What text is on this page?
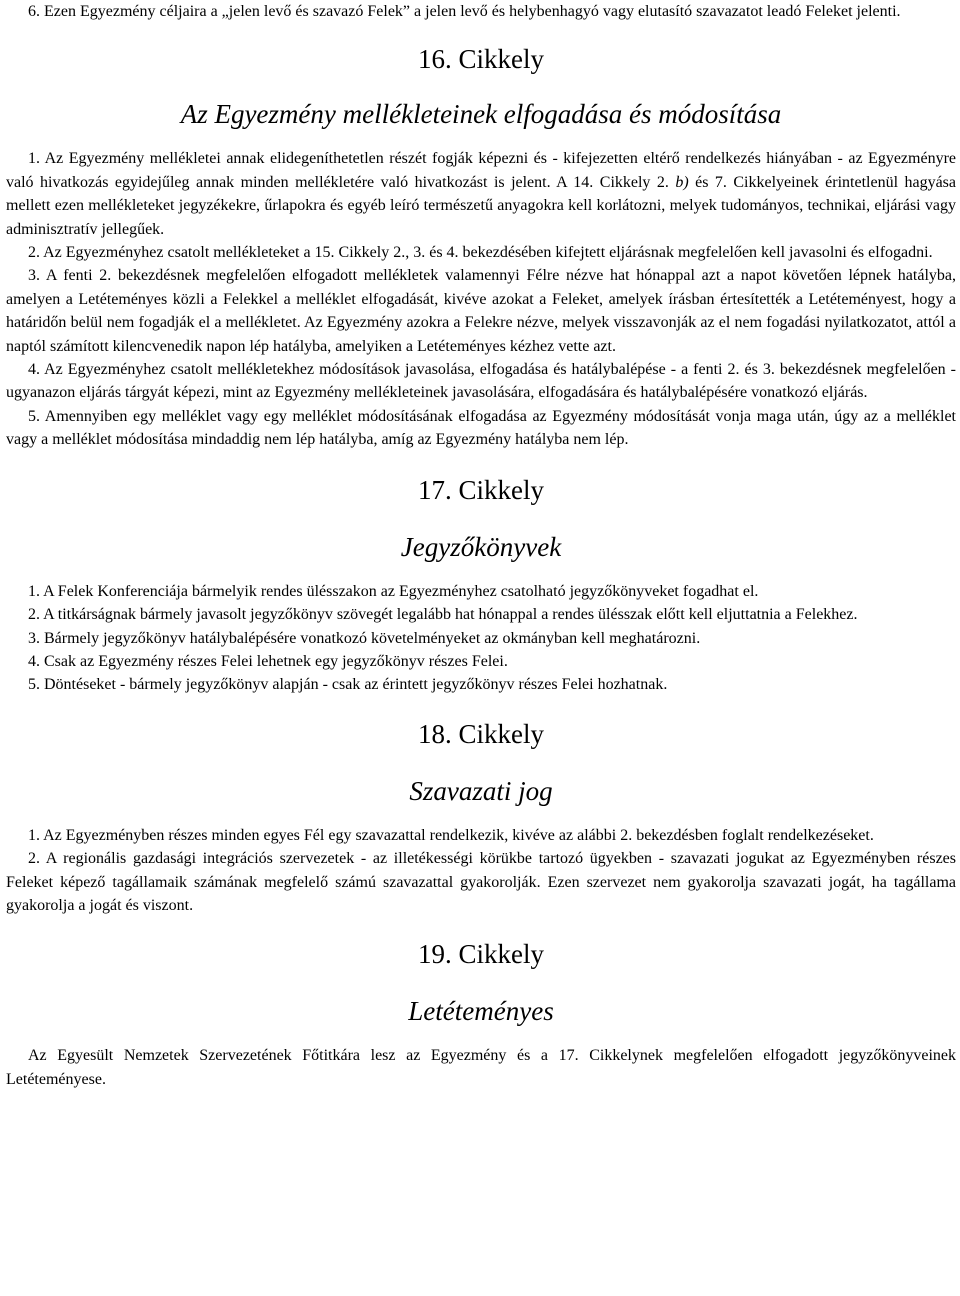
6. Ezen Egyezmény céljaira a „jelen levő és szavazó Felek” a jelen levő és helybenhagyó vagy elutasító szavazatot leadó Feleket jelenti.

16. Cikkely
Az Egyezmény mellékleteinek elfogadása és módosítása

1. Az Egyezmény mellékletei annak elidegeníthetetlen részét fogják képezni és - kifejezetten eltérő rendelkezés hiányában - az Egyezményre való hivatkozás egyidejűleg annak minden mellékletére való hivatkozást is jelent. A 14. Cikkely 2. b) és 7. Cikkelyeinek érintetlenül hagyása mellett ezen mellékleteket jegyzékekre, űrlapokra és egyéb leíró természetű anyagokra kell korlátozni, melyek tudományos, technikai, eljárási vagy adminisztratív jellegűek.

2. Az Egyezményhez csatolt mellékleteket a 15. Cikkely 2., 3. és 4. bekezdésében kifejtett eljárásnak megfelelően kell javasolni és elfogadni.

3. A fenti 2. bekezdésnek megfelelően elfogadott mellékletek valamennyi Félre nézve hat hónappal azt a napot követően lépnek hatályba, amelyen a Letéteményes közli a Felekkel a melléklet elfogadását, kivéve azokat a Feleket, amelyek írásban értesítették a Letéteményest, hogy a határidőn belül nem fogadják el a mellékletet. Az Egyezmény azokra a Felekre nézve, melyek visszavonják az el nem fogadási nyilatkozatot, attól a naptól számított kilencvenedik napon lép hatályba, amelyiken a Letéteményes kézhez vette azt.

4. Az Egyezményhez csatolt mellékletekhez módosítások javasolása, elfogadása és hatálybalépése - a fenti 2. és 3. bekezdésnek megfelelően - ugyanazon eljárás tárgyát képezi, mint az Egyezmény mellékleteinek javasolására, elfogadására és hatálybalépésére vonatkozó eljárás.

5. Amennyiben egy melléklet vagy egy melléklet módosításának elfogadása az Egyezmény módosítását vonja maga után, úgy az a melléklet vagy a melléklet módosítása mindaddig nem lép hatályba, amíg az Egyezmény hatályba nem lép.

17. Cikkely
Jegyzőkönyvek

1. A Felek Konferenciája bármelyik rendes ülésszakon az Egyezményhez csatolható jegyzőkönyveket fogadhat el.

2. A titkárságnak bármely javasolt jegyzőkönyv szövegét legalább hat hónappal a rendes ülésszak előtt kell eljuttatnia a Felekhez.

3. Bármely jegyzőkönyv hatálybalépésére vonatkozó követelményeket az okmányban kell meghatározni.

4. Csak az Egyezmény részes Felei lehetnek egy jegyzőkönyv részes Felei.

5. Döntéseket - bármely jegyzőkönyv alapján - csak az érintett jegyzőkönyv részes Felei hozhatnak.

18. Cikkely
Szavazati jog

1. Az Egyezményben részes minden egyes Fél egy szavazattal rendelkezik, kivéve az alábbi 2. bekezdésben foglalt rendelkezéseket.

2. A regionális gazdasági integrációs szervezetek - az illetékességi körükbe tartozó ügyekben - szavazati jogukat az Egyezményben részes Feleket képező tagállamaik számának megfelelő számú szavazattal gyakorolják. Ezen szervezet nem gyakorolja szavazati jogát, ha tagállama gyakorolja a jogát és viszont.

19. Cikkely
Letéteményes

Az Egyesült Nemzetek Szervezetének Főtitkára lesz az Egyezmény és a 17. Cikkelynek megfelelően elfogadott jegyzőkönyveinek Letéteményese.
